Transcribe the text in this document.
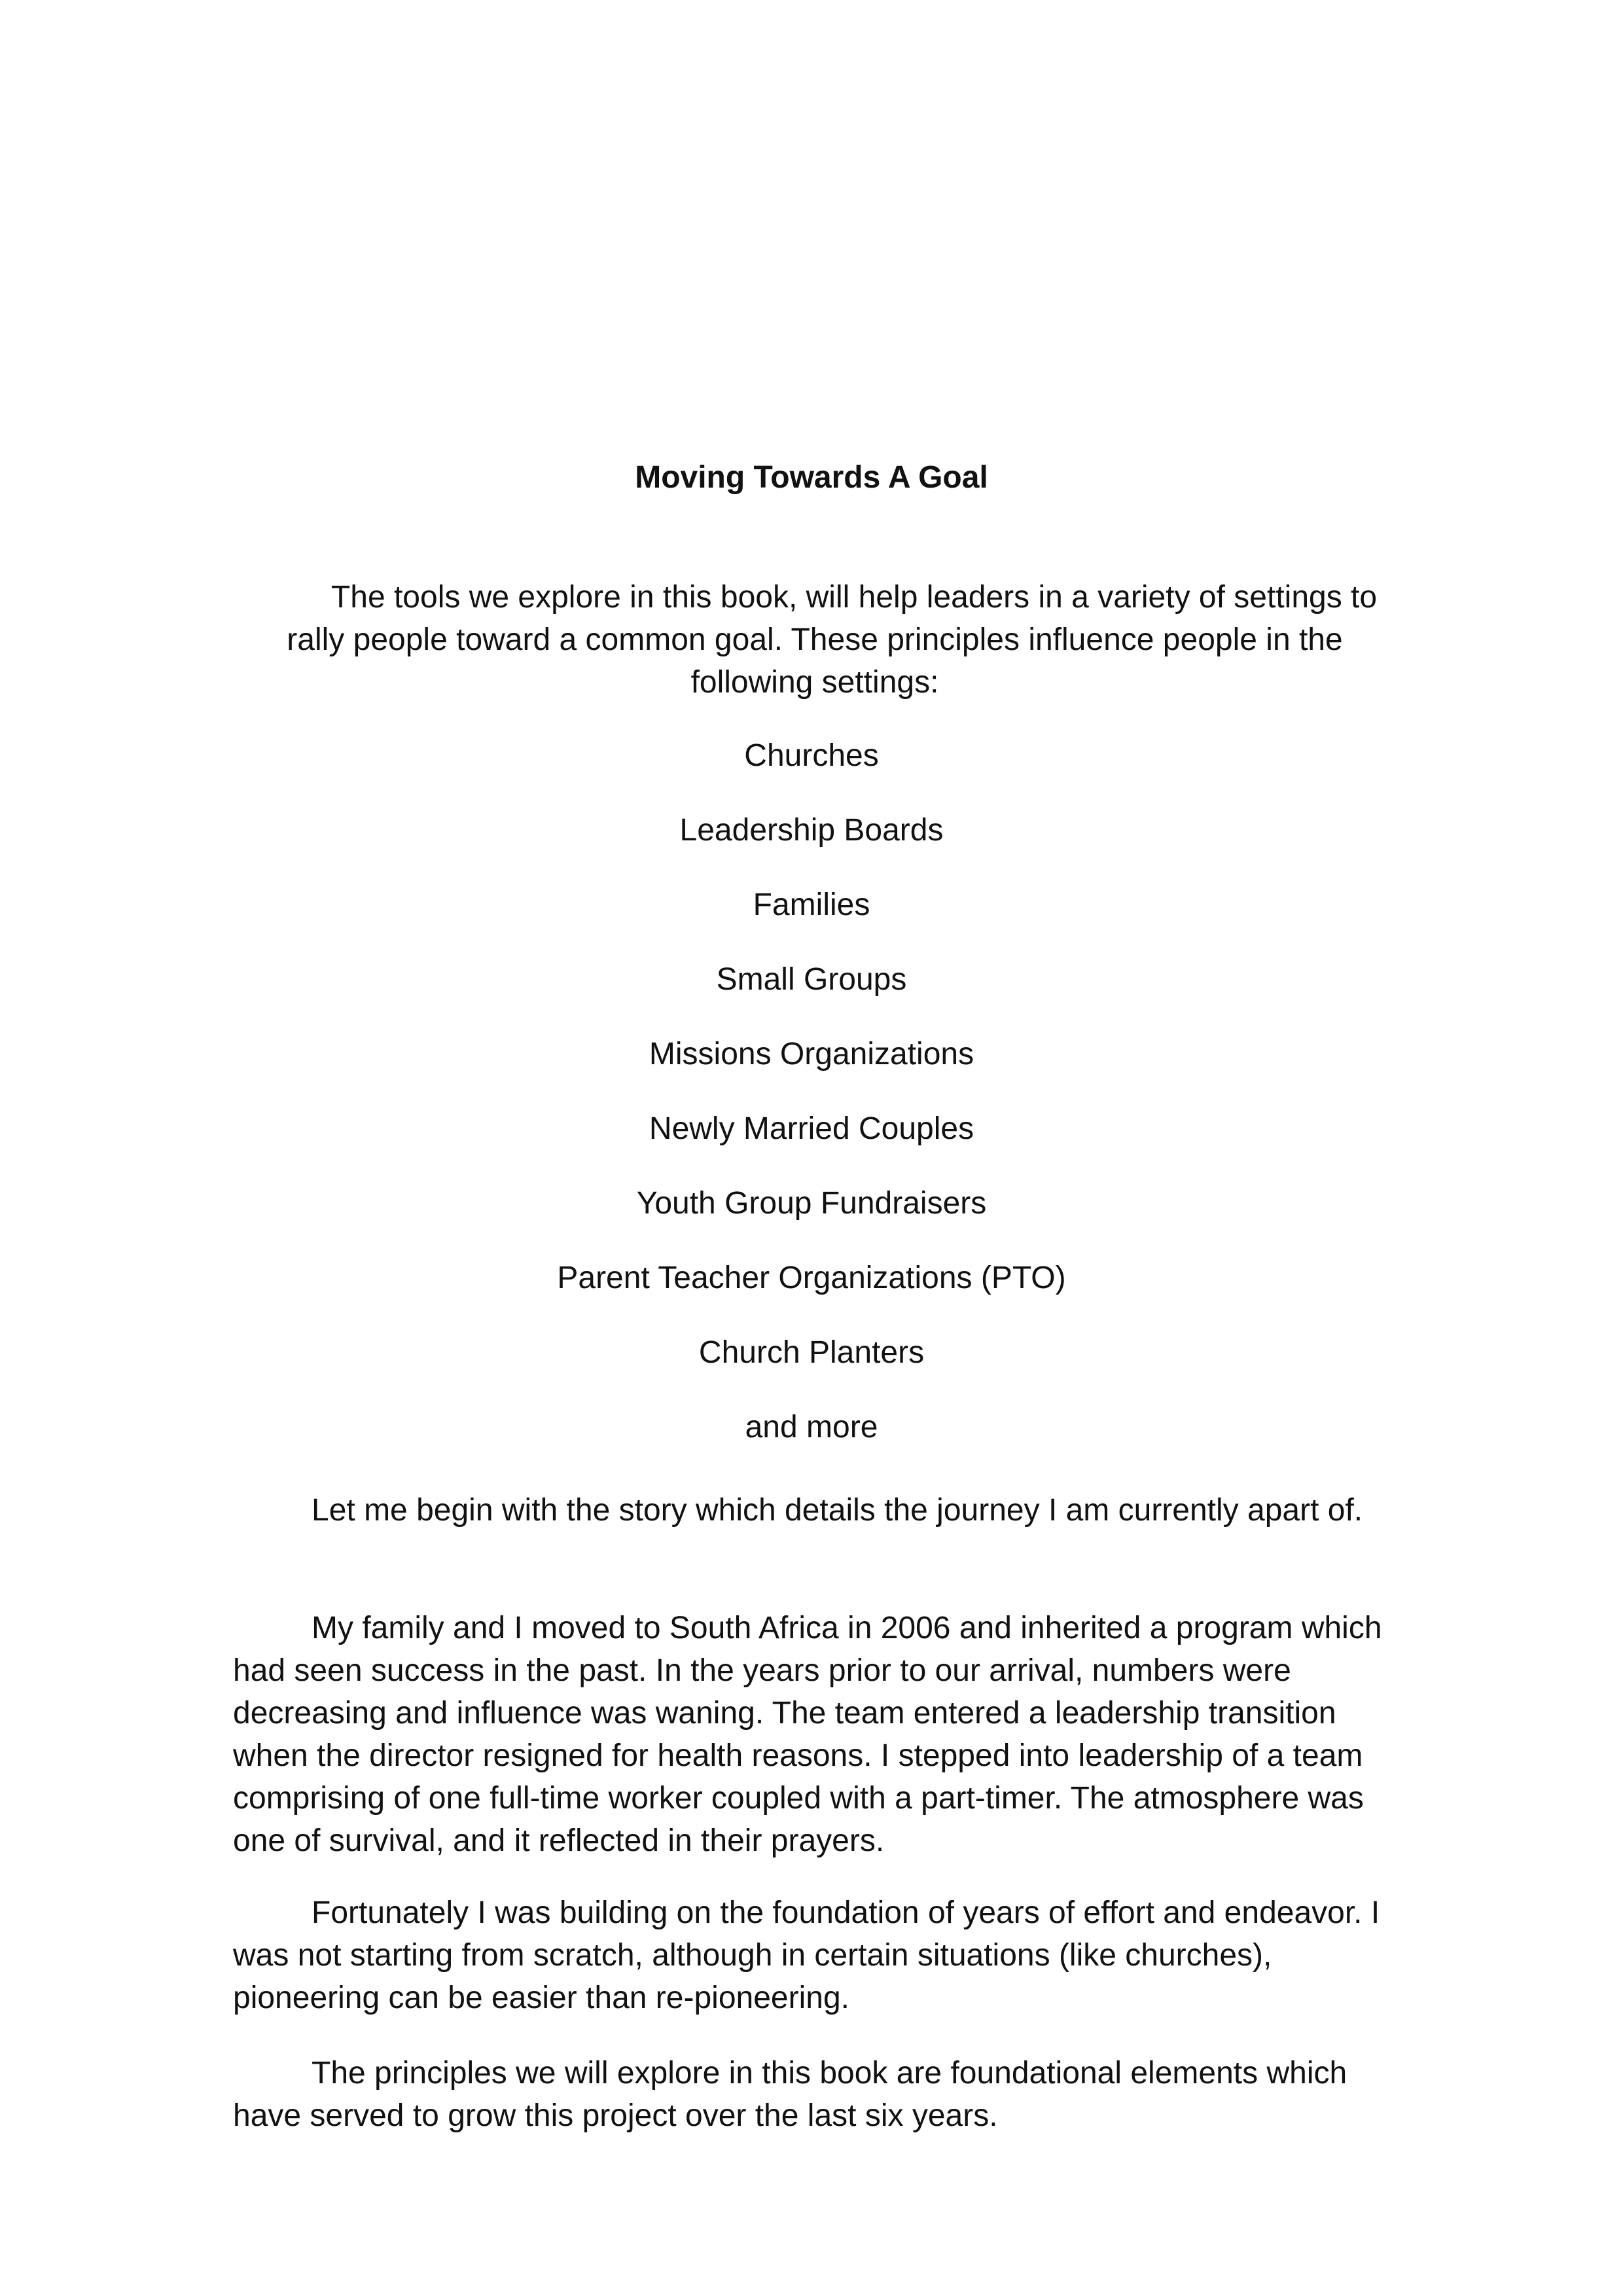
Moving Towards A Goal

The tools we explore in this book, will help leaders in a variety of settings to rally people toward a common goal. These principles influence people in the following settings:

Churches
Leadership Boards
Families
Small Groups
Missions Organizations
Newly Married Couples
Youth Group Fundraisers
Parent Teacher Organizations (PTO)
Church Planters
and more

Let me begin with the story which details the journey I am currently apart of.

My family and I moved to South Africa in 2006 and inherited a program which had seen success in the past. In the years prior to our arrival, numbers were decreasing and influence was waning. The team entered a leadership transition when the director resigned for health reasons. I stepped into leadership of a team comprising of one full-time worker coupled with a part-timer. The atmosphere was one of survival, and it reflected in their prayers.

Fortunately I was building on the foundation of years of effort and endeavor. I was not starting from scratch, although in certain situations (like churches), pioneering can be easier than re-pioneering.

The principles we will explore in this book are foundational elements which have served to grow this project over the last six years.
